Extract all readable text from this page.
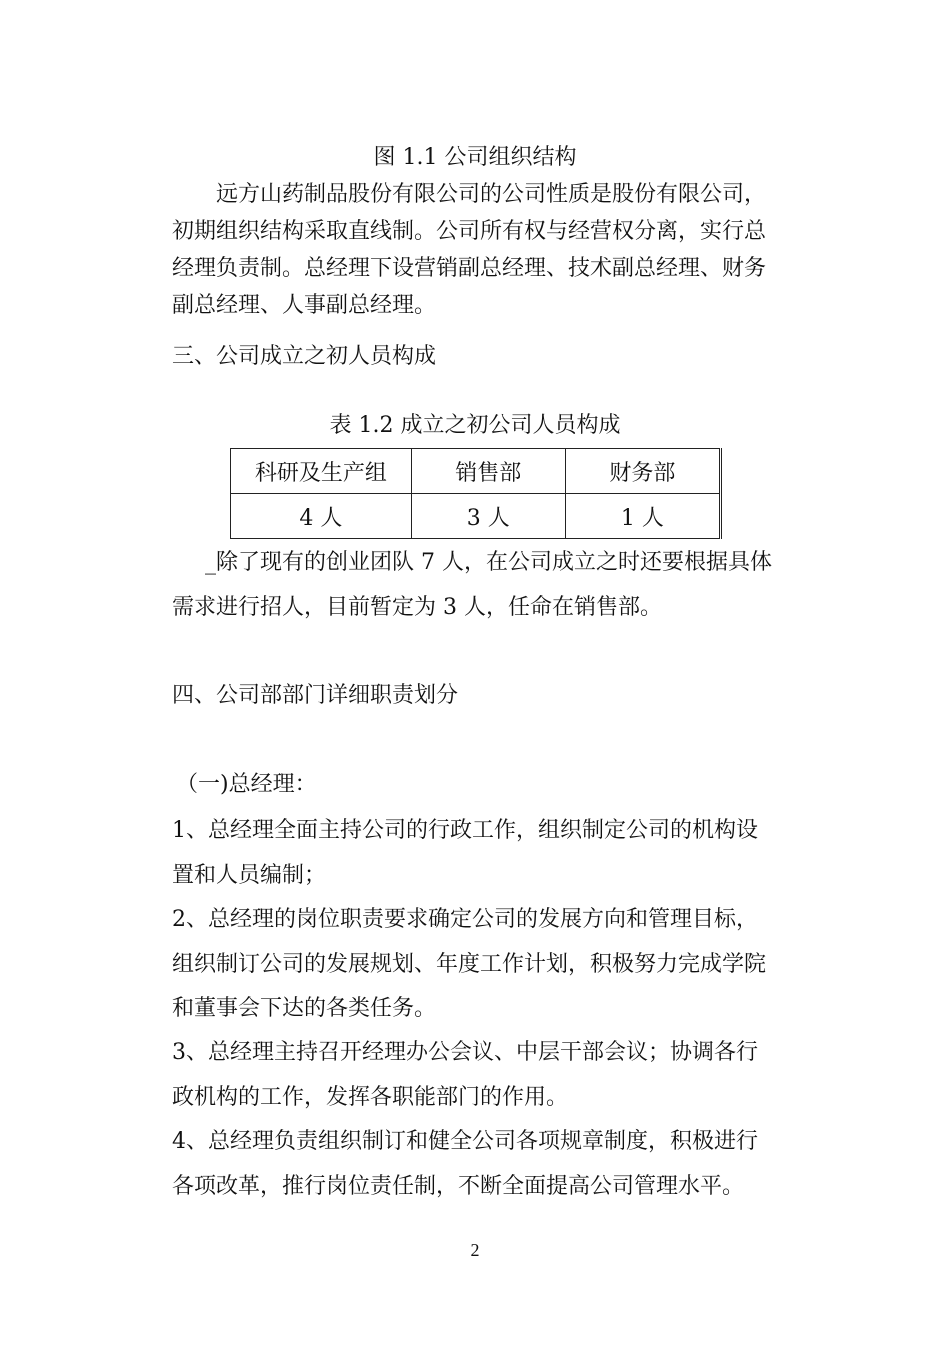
图 1.1 公司组织结构
远方山药制品股份有限公司的公司性质是股份有限公司，
初期组织结构采取直线制。公司所有权与经营权分离，实行总
经理负责制。总经理下设营销副总经理、技术副总经理、财务
副总经理、人事副总经理。
三、公司成立之初人员构成
表 1.2 成立之初公司人员构成
科研及生产组	销售部	财务部
4 人	3 人	1 人
_除了现有的创业团队 7 人，在公司成立之时还要根据具体
需求进行招人，目前暂定为 3 人，任命在销售部。
四、公司部部门详细职责划分
（一)总经理：
1、总经理全面主持公司的行政工作，组织制定公司的机构设
置和人员编制；
2、总经理的岗位职责要求确定公司的发展方向和管理目标，
组织制订公司的发展规划、年度工作计划，积极努力完成学院
和董事会下达的各类任务。
3、总经理主持召开经理办公会议、中层干部会议；协调各行
政机构的工作，发挥各职能部门的作用。
4、总经理负责组织制订和健全公司各项规章制度，积极进行
各项改革，推行岗位责任制，不断全面提高公司管理水平。
2
